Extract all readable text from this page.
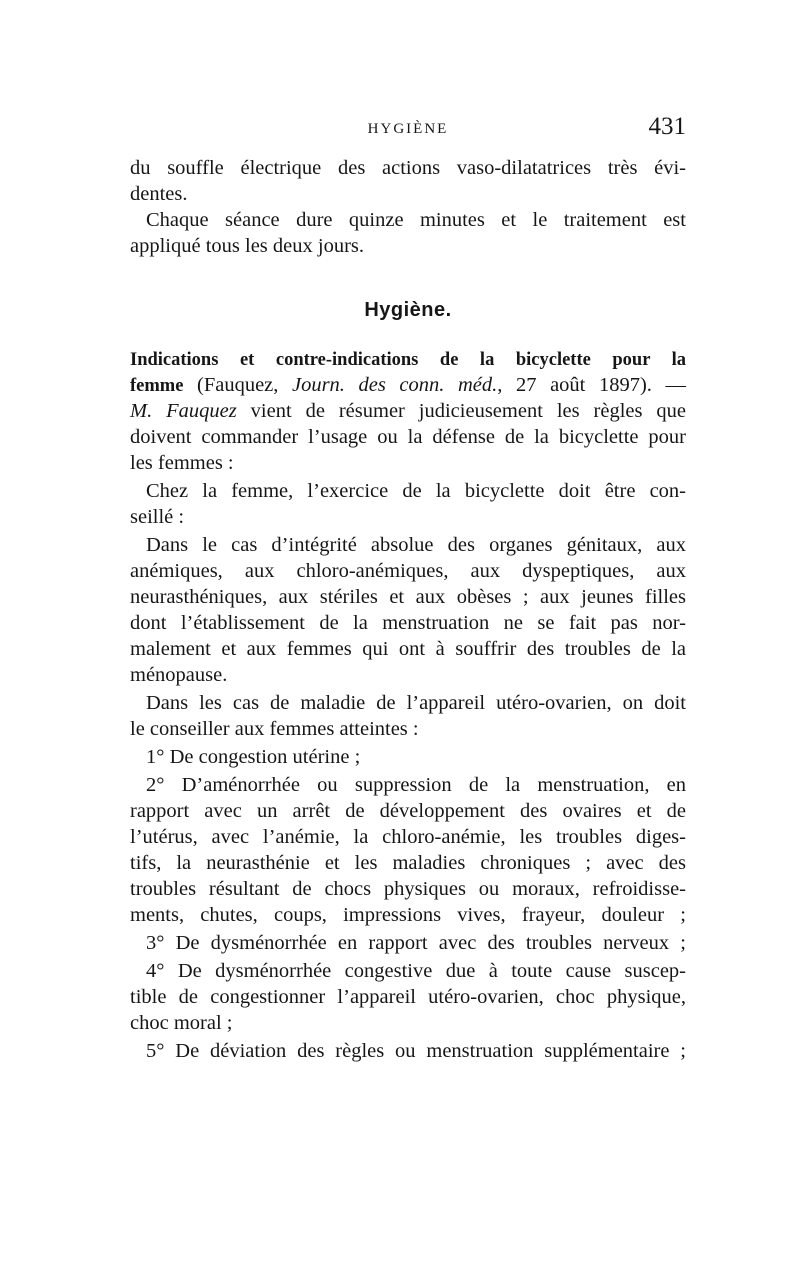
HYGIÈNE	431
du souffle électrique des actions vaso-dilatatrices très évi-
dentes.
Chaque séance dure quinze minutes et le traitement est
appliqué tous les deux jours.
Hygiène.
Indications et contre-indications de la bicyclette pour la
femme (Fauquez, Journ. des conn. méd., 27 août 1897). —
M. Fauquez vient de résumer judicieusement les règles que
doivent commander l’usage ou la défense de la bicyclette pour
les femmes :
Chez la femme, l’exercice de la bicyclette doit être con-
seillé :
Dans le cas d’intégrité absolue des organes génitaux, aux
anémiques, aux chloro-anémiques, aux dyspeptiques, aux
neurasthéniques, aux stériles et aux obèses ; aux jeunes filles
dont l’établissement de la menstruation ne se fait pas nor-
malement et aux femmes qui ont à souffrir des troubles de la
ménopause.
Dans les cas de maladie de l’appareil utéro-ovarien, on doit
le conseiller aux femmes atteintes :
1° De congestion utérine ;
2° D’aménorrhée ou suppression de la menstruation, en
rapport avec un arrêt de développement des ovaires et de
l’utérus, avec l’anémie, la chloro-anémie, les troubles diges-
tifs, la neurasthénie et les maladies chroniques ; avec des
troubles résultant de chocs physiques ou moraux, refroidisse-
ments, chutes, coups, impressions vives, frayeur, douleur ;
3° De dysménorrhée en rapport avec des troubles nerveux ;
4° De dysménorrhée congestive due à toute cause suscep-
tible de congestionner l’appareil utéro-ovarien, choc physique,
choc moral ;
5° De déviation des règles ou menstruation supplémentaire ;
